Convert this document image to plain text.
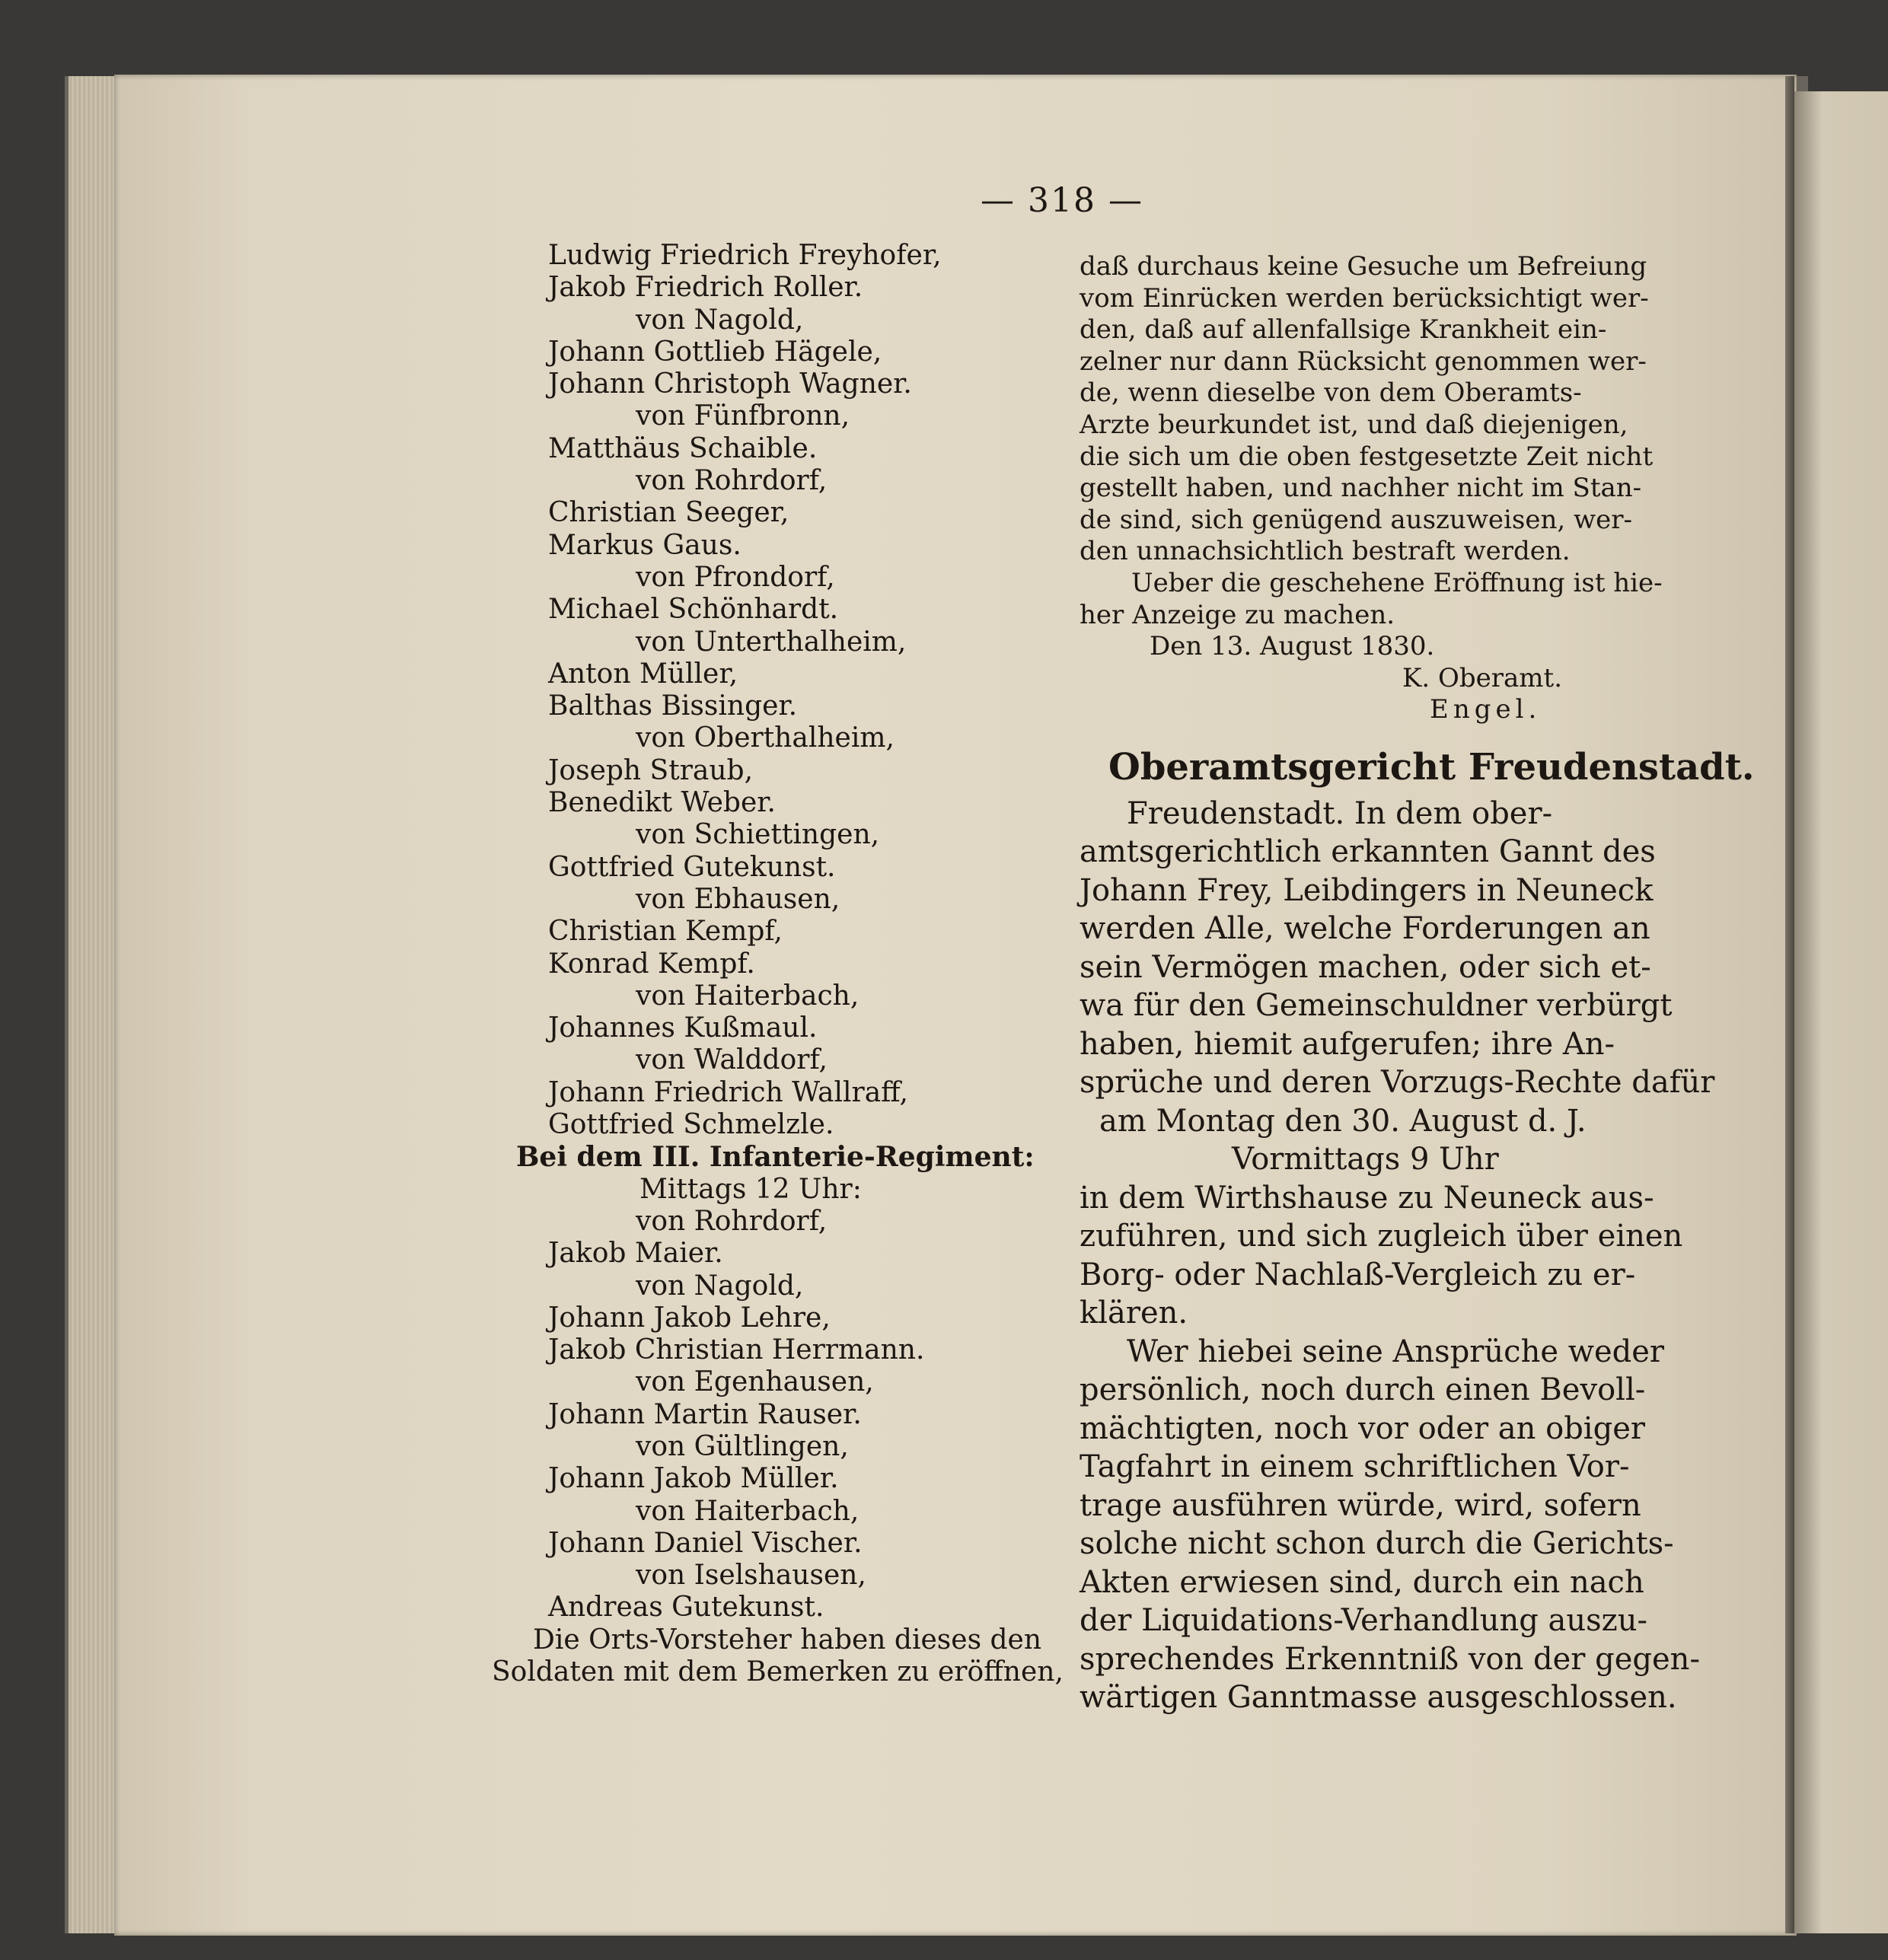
— 318 —
Ludwig Friedrich Freyhofer,
Jakob Friedrich Roller.
von Nagold,
Johann Gottlieb Hägele,
Johann Christoph Wagner.
von Fünfbronn,
Matthäus Schaible.
von Rohrdorf,
Christian Seeger,
Markus Gaus.
von Pfrondorf,
Michael Schönhardt.
von Unterthalheim,
Anton Müller,
Balthas Bissinger.
von Oberthalheim,
Joseph Straub,
Benedikt Weber.
von Schiettingen,
Gottfried Gutekunst.
von Ebhausen,
Christian Kempf,
Konrad Kempf.
von Haiterbach,
Johannes Kußmaul.
von Walddorf,
Johann Friedrich Wallraff,
Gottfried Schmelzle.
Bei dem III. Infanterie-Regiment:
Mittags 12 Uhr:
von Rohrdorf,
Jakob Maier.
von Nagold,
Johann Jakob Lehre,
Jakob Christian Herrmann.
von Egenhausen,
Johann Martin Rauser.
von Gültlingen,
Johann Jakob Müller.
von Haiterbach,
Johann Daniel Vischer.
von Iselshausen,
Andreas Gutekunst.
Die Orts-Vorsteher haben dieses den
Soldaten mit dem Bemerken zu eröffnen,
daß durchaus keine Gesuche um Befreiung
vom Einrücken werden berücksichtigt wer-
den, daß auf allenfallsige Krankheit ein-
zelner nur dann Rücksicht genommen wer-
de, wenn dieselbe von dem Oberamts-
Arzte beurkundet ist, und daß diejenigen,
die sich um die oben festgesetzte Zeit nicht
gestellt haben, und nachher nicht im Stan-
de sind, sich genügend auszuweisen, wer-
den unnachsichtlich bestraft werden.
Ueber die geschehene Eröffnung ist hie-
her Anzeige zu machen.
Den 13. August 1830.
K. Oberamt.
Engel.
Oberamtsgericht Freudenstadt.
Freudenstadt. In dem ober-
amtsgerichtlich erkannten Gannt des
Johann Frey, Leibdingers in Neuneck
werden Alle, welche Forderungen an
sein Vermögen machen, oder sich et-
wa für den Gemeinschuldner verbürgt
haben, hiemit aufgerufen; ihre An-
sprüche und deren Vorzugs-Rechte dafür
am Montag den 30. August d. J.
Vormittags 9 Uhr
in dem Wirthshause zu Neuneck aus-
zuführen, und sich zugleich über einen
Borg- oder Nachlaß-Vergleich zu er-
klären.
Wer hiebei seine Ansprüche weder
persönlich, noch durch einen Bevoll-
mächtigten, noch vor oder an obiger
Tagfahrt in einem schriftlichen Vor-
trage ausführen würde, wird, sofern
solche nicht schon durch die Gerichts-
Akten erwiesen sind, durch ein nach
der Liquidations-Verhandlung auszu-
sprechendes Erkenntniß von der gegen-
wärtigen Ganntmasse ausgeschlossen.
